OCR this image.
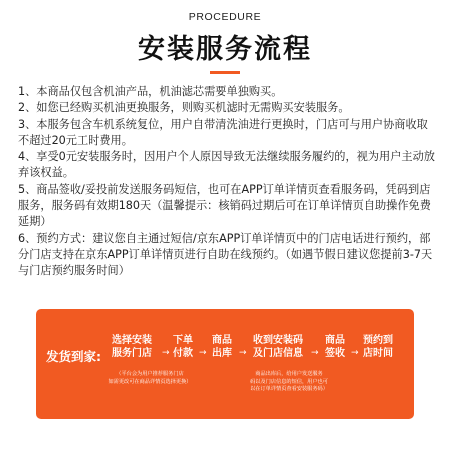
PROCEDURE
安装服务流程

1、本商品仅包含机油产品，机油滤芯需要单独购买。

2、如您已经购买机油更换服务，则购买机滤时无需购买安装服务。

3、本服务包含车机系统复位，用户自带清洗油进行更换时，门店可与用户协商收取不超过20元工时费用。

4、享受0元安装服务时，因用户个人原因导致无法继续服务履约的，视为用户主动放弃该权益。

5、商品签收/妥投前发送服务码短信，也可在APP订单详情页查看服务码，凭码到店服务，服务码有效期180天（温馨提示：核销码过期后可在订单详情页自助操作免费延期）

6、预约方式：建议您自主通过短信/京东APP订单详情页中的门店电话进行预约，部分门店支持在京东APP订单详情页进行自助在线预约。（如遇节假日建议您提前3-7天与门店预约服务时间）

发货到家:
选择安装
服务门店 →
下单
付款 →
商品
出库 →
收到安装码
及门店信息 →
商品
签收 →
预约到
店时间
（平台会为用户推荐服务门店
如需更改可在商品详情页选择更换）
商品出库后，给用户发送服务
码以及门店信息的短信，用户也可
以在订单详情页查看安装服务码）
